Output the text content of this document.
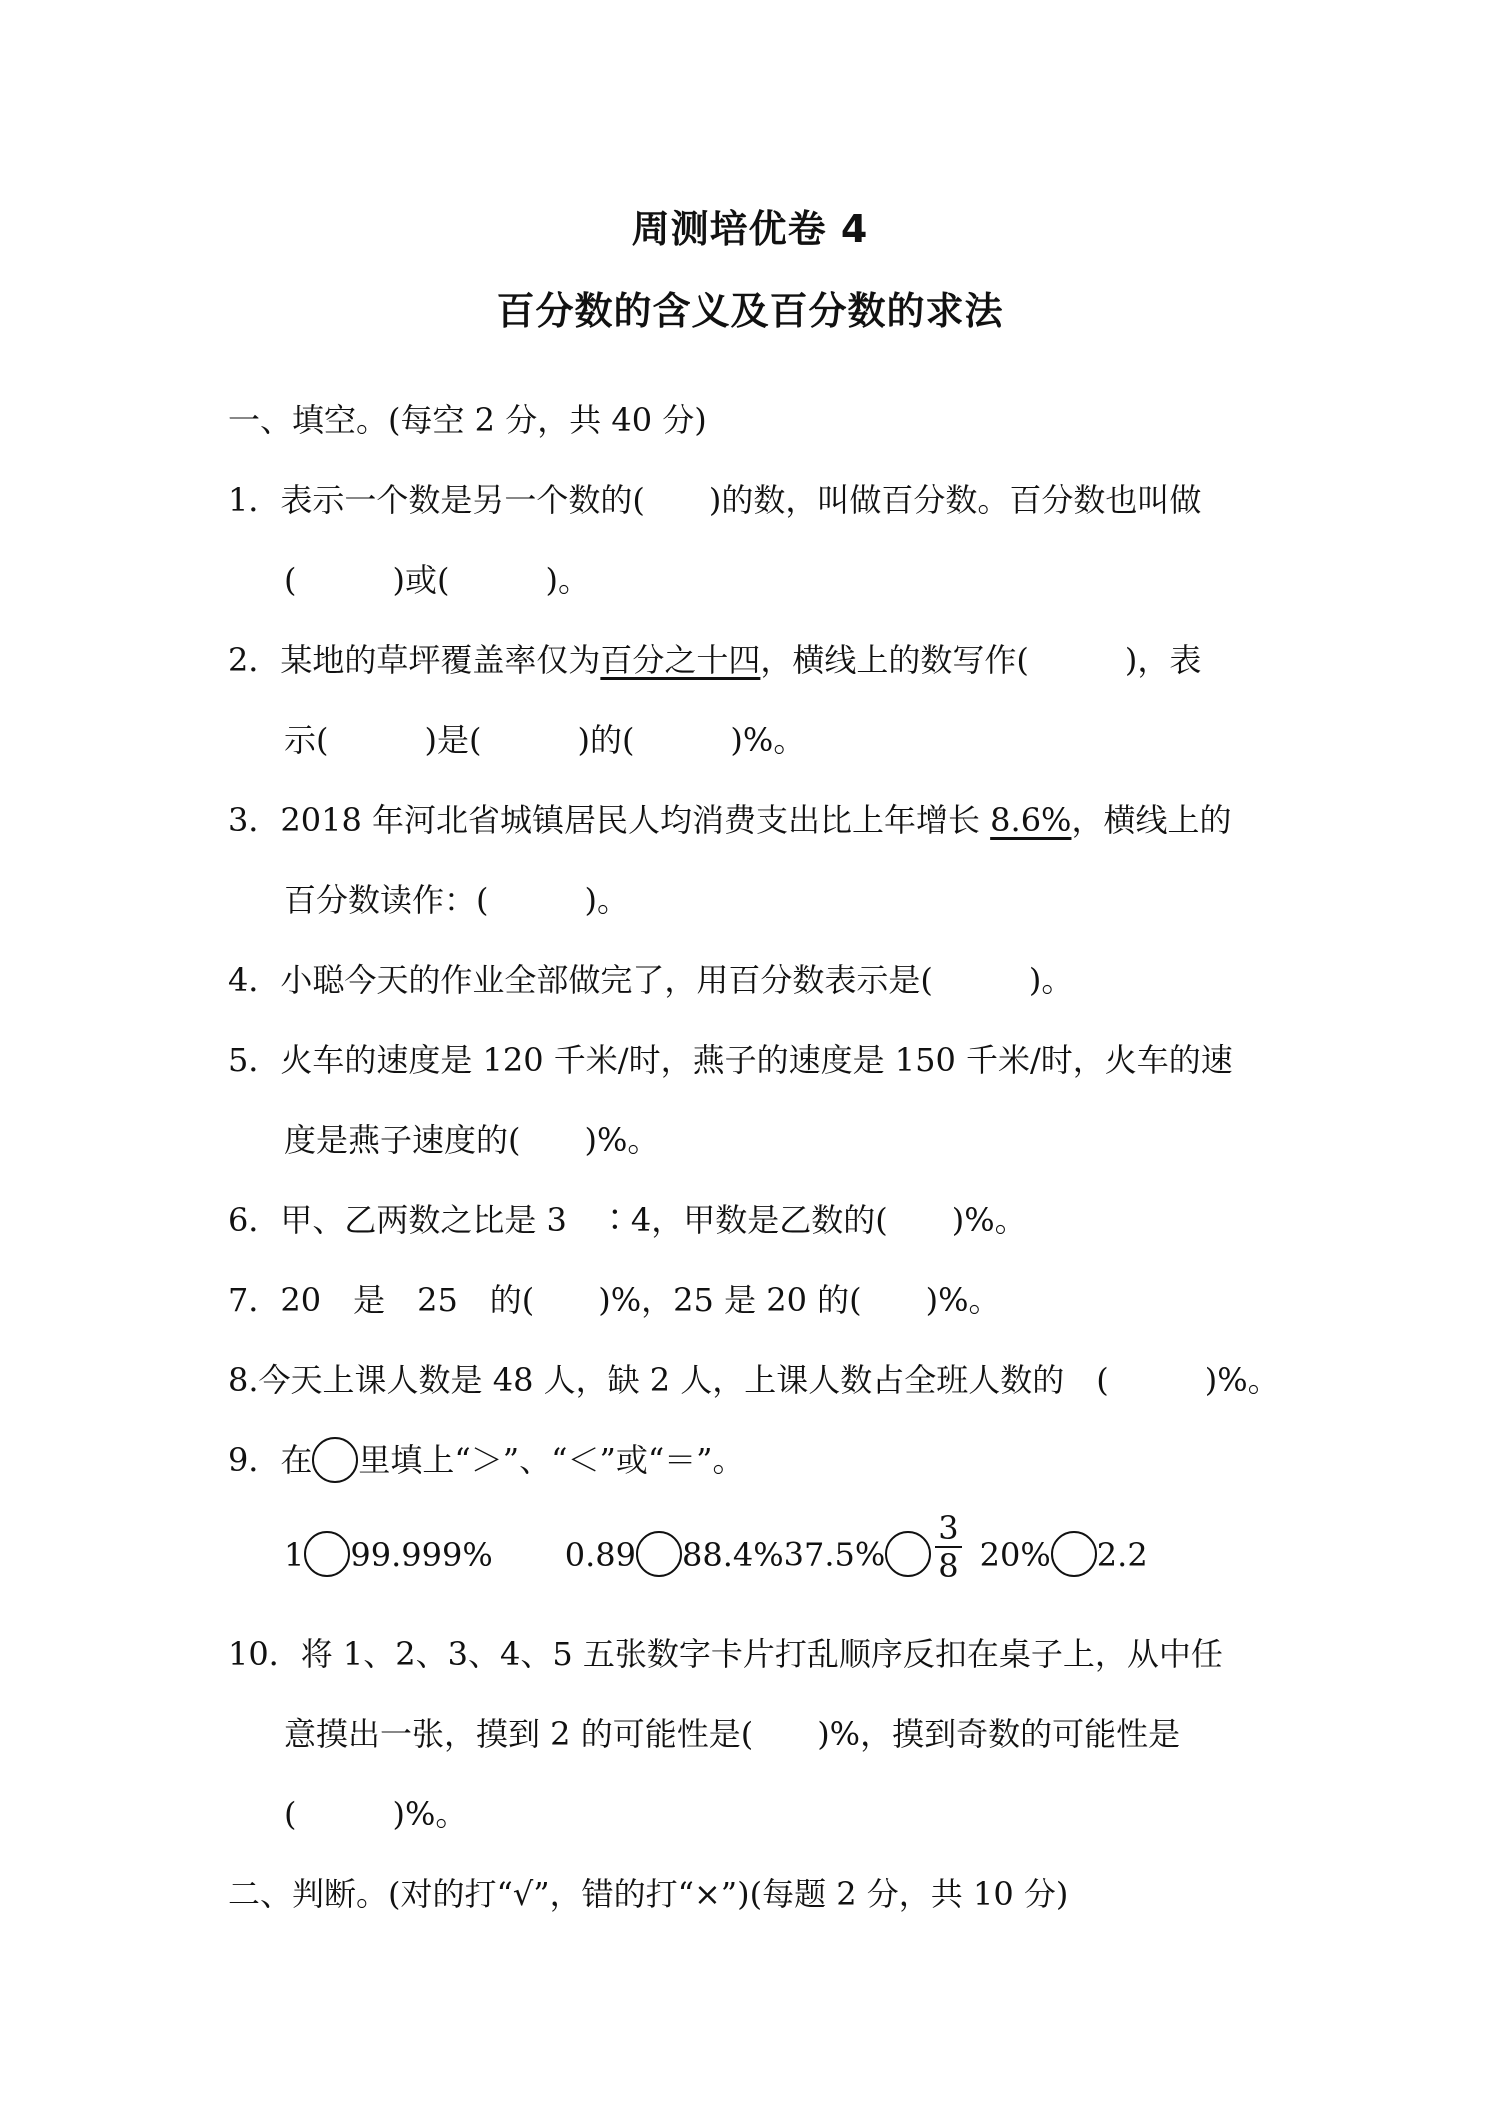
周测培优卷 4
百分数的含义及百分数的求法
一、填空。(每空 2 分，共 40 分)
1．表示一个数是另一个数的(　　)的数，叫做百分数。百分数也叫做
(　　　)或(　　　)。
2．某地的草坪覆盖率仅为百分之十四，横线上的数写作(　　　)，表
示(　　　)是(　　　)的(　　　)%。
3．2018 年河北省城镇居民人均消费支出比上年增长 8.6%，横线上的
百分数读作：(　　　)。
4．小聪今天的作业全部做完了，用百分数表示是(　　　)。
5．火车的速度是 120 千米/时，燕子的速度是 150 千米/时，火车的速
度是燕子速度的(　　)%。
6．甲、乙两数之比是 3　∶4，甲数是乙数的(　　)%。
7．20　是　25　的(　　)%，25 是 20 的(　　)%。
8.今天上课人数是 48 人，缺 2 人，上课人数占全班人数的　(　　　)%。
9．在 里填上“＞”、“＜”或“＝”。
1 99.999% 0.89 $88.4\%37.5\% \frac{3}{8} 20\%$ 2.2
10．将 1、2、3、4、5 五张数字卡片打乱顺序反扣在桌子上，从中任
意摸出一张，摸到 2 的可能性是(　　)%，摸到奇数的可能性是
(　　　)%。
二、判断。(对的打“√”，错的打“×”)(每题 2 分，共 10 分)
